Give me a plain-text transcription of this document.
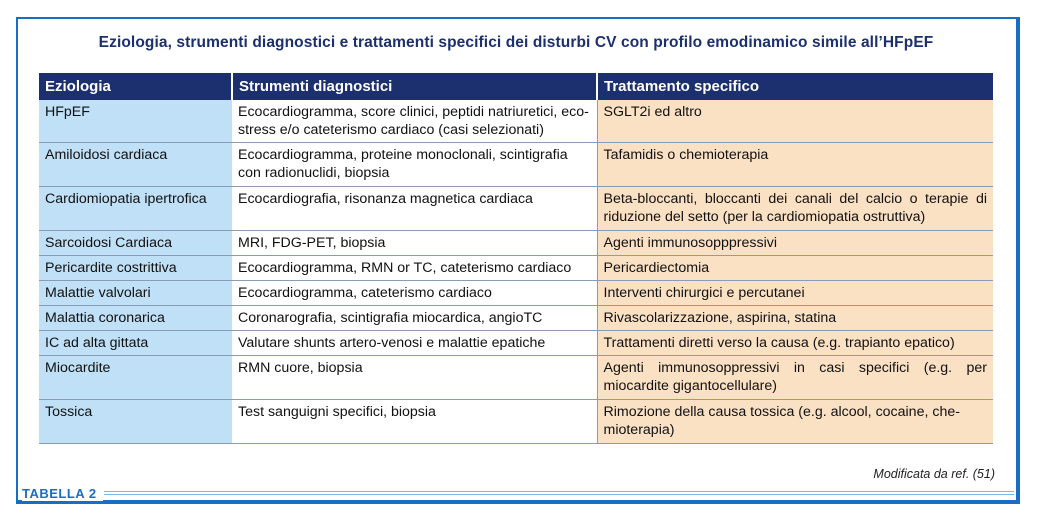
Eziologia, strumenti diagnostici e trattamenti specifici dei disturbi CV con profilo emodinamico simile all’HFpEF
Eziologia	Strumenti diagnostici	Trattamento specifico
HFpEF	Ecocardiogramma, score clinici, peptidi natriuretici, eco-stress e/o cateterismo cardiaco (casi selezionati)	SGLT2i ed altro
Amiloidosi cardiaca	Ecocardiogramma, proteine monoclonali, scintigrafia con radionuclidi, biopsia	Tafamidis o chemioterapia
Cardiomiopatia ipertrofica	Ecocardiografia, risonanza magnetica cardiaca	Beta-bloccanti, bloccanti dei canali del calcio o terapie di riduzione del setto (per la cardiomiopatia ostruttiva)
Sarcoidosi Cardiaca	MRI, FDG-PET, biopsia	Agenti immunosopppressivi
Pericardite costrittiva	Ecocardiogramma, RMN or TC, cateterismo cardiaco	Pericardiectomia
Malattie valvolari	Ecocardiogramma, cateterismo cardiaco	Interventi chirurgici e percutanei
Malattia coronarica	Coronarografia, scintigrafia miocardica, angioTC	Rivascolarizzazione, aspirina, statina
IC ad alta gittata	Valutare shunts artero-venosi e malattie epatiche	Trattamenti diretti verso la causa (e.g. trapianto epatico)
Miocardite	RMN cuore, biopsia	Agenti immunosoppressivi in casi specifici (e.g. per miocardite gigantocellulare)
Tossica	Test sanguigni specifici, biopsia	Rimozione della causa tossica (e.g. alcool, cocaine, che-mioterapia)
Modificata da ref. (51)
TABELLA 2
